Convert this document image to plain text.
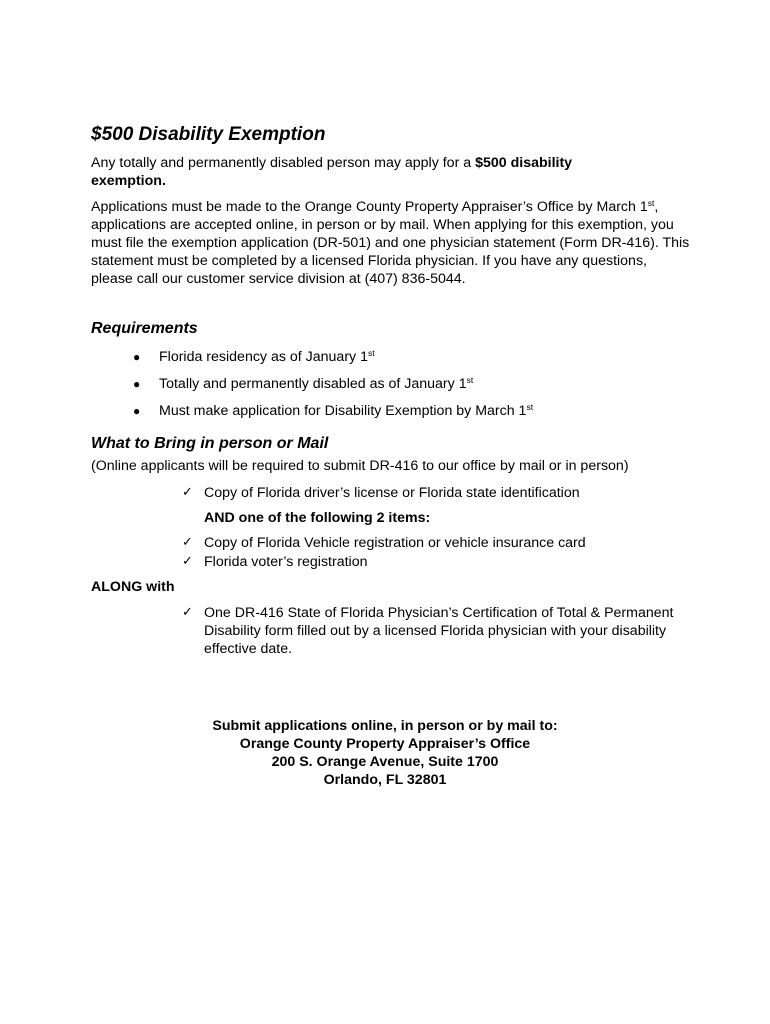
$500 Disability Exemption

Any totally and permanently disabled person may apply for a $500 disability exemption.

Applications must be made to the Orange County Property Appraiser’s Office by March 1st, applications are accepted online, in person or by mail. When applying for this exemption, you must file the exemption application (DR-501) and one physician statement (Form DR-416). This statement must be completed by a licensed Florida physician. If you have any questions, please call our customer service division at (407) 836-5044.

Requirements
● Florida residency as of January 1st
● Totally and permanently disabled as of January 1st
● Must make application for Disability Exemption by March 1st
What to Bring in person or Mail

(Online applicants will be required to submit DR-416 to our office by mail or in person)

✓ Copy of Florida driver’s license or Florida state identification

AND one of the following 2 items:

✓ Copy of Florida Vehicle registration or vehicle insurance card
✓ Florida voter’s registration

ALONG with

✓ One DR-416 State of Florida Physician’s Certification of Total & Permanent Disability form filled out by a licensed Florida physician with your disability effective date.
Submit applications online, in person or by mail to:
Orange County Property Appraiser’s Office
200 S. Orange Avenue, Suite 1700
Orlando, FL 32801
